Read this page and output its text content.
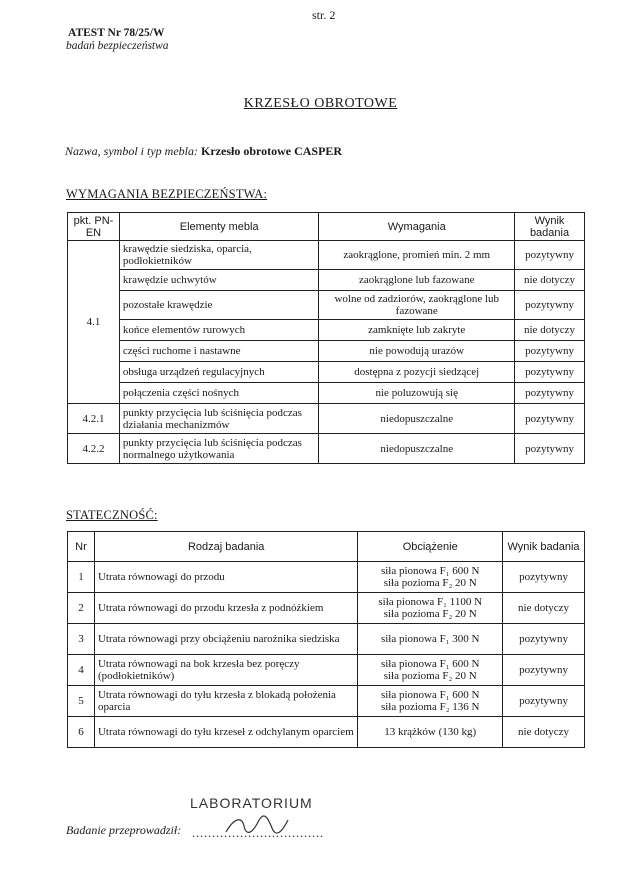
str. 2
ATEST Nr 78/25/W
badań bezpieczeństwa
KRZESŁO OBROTOWE
Nazwa, symbol i typ mebla: Krzesło obrotowe CASPER
WYMAGANIA BEZPIECZEŃSTWA:
pkt. PN-EN	Elementy mebla	Wymagania	Wynik badania
4.1	krawędzie siedziska, oparcia, podłokietników	zaokrąglone, promień min. 2 mm	pozytywny
	krawędzie uchwytów	zaokrąglone lub fazowane	nie dotyczy
	pozostałe krawędzie	wolne od zadziorów, zaokrąglone lub fazowane	pozytywny
	końce elementów rurowych	zamknięte lub zakryte	nie dotyczy
	części ruchome i nastawne	nie powodują urazów	pozytywny
	obsługa urządzeń regulacyjnych	dostępna z pozycji siedzącej	pozytywny
	połączenia części nośnych	nie poluzowują się	pozytywny
4.2.1	punkty przycięcia lub ściśnięcia podczas działania mechanizmów	niedopuszczalne	pozytywny
4.2.2	punkty przycięcia lub ściśnięcia podczas normalnego użytkowania	niedopuszczalne	pozytywny
STATECZNOŚĆ:
Nr	Rodzaj badania	Obciążenie	Wynik badania
1	Utrata równowagi do przodu	siła pionowa F₁ 600 N
siła pozioma F₂ 20 N	pozytywny
2	Utrata równowagi do przodu krzesła z podnóżkiem	siła pionowa F₁ 1100 N
siła pozioma F₂ 20 N	nie dotyczy
3	Utrata równowagi przy obciążeniu narożnika siedziska	siła pionowa F₁ 300 N	pozytywny
4	Utrata równowagi na bok krzesła bez poręczy (podłokietników)	siła pionowa F₁ 600 N
siła pozioma F₂ 20 N	pozytywny
5	Utrata równowagi do tyłu krzesła z blokadą położenia oparcia	siła pionowa F₁ 600 N
siła pozioma F₂ 136 N	pozytywny
6	Utrata równowagi do tyłu krzeseł z odchylanym oparciem	13 krążków (130 kg)	nie dotyczy
LABORATORIUM
Badanie przeprowadził: .................................
